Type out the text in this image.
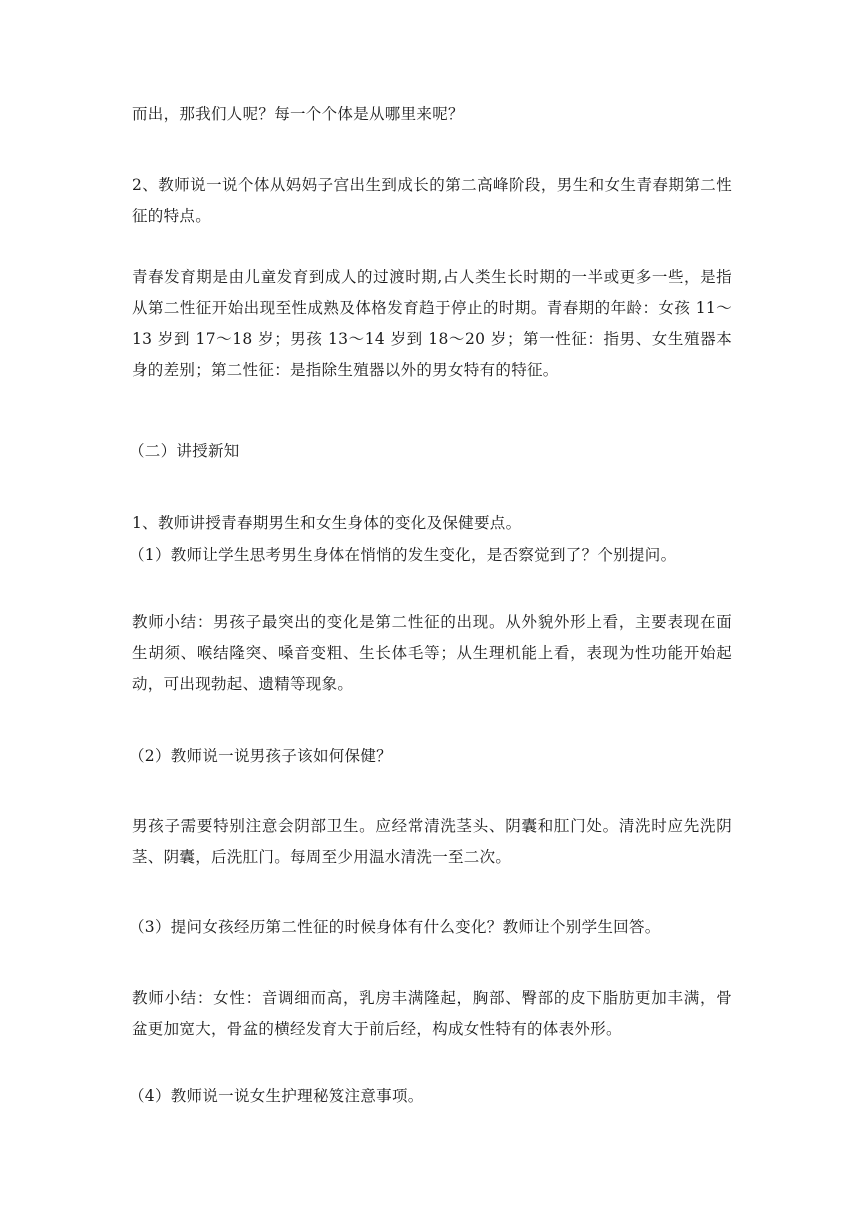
而出，那我们人呢？每一个个体是从哪里来呢？

2、教师说一说个体从妈妈子宫出生到成长的第二高峰阶段，男生和女生青春期第二性征的特点。

青春发育期是由儿童发育到成人的过渡时期,占人类生长时期的一半或更多一些，是指从第二性征开始出现至性成熟及体格发育趋于停止的时期。青春期的年龄：女孩 11～13 岁到 17～18 岁；男孩 13～14 岁到 18～20 岁；第一性征：指男、女生殖器本身的差别；第二性征：是指除生殖器以外的男女特有的特征。

（二）讲授新知

1、教师讲授青春期男生和女生身体的变化及保健要点。

（1）教师让学生思考男生身体在悄悄的发生变化，是否察觉到了？个别提问。

教师小结：男孩子最突出的变化是第二性征的出现。从外貌外形上看，主要表现在面生胡须、喉结隆突、嗓音变粗、生长体毛等；从生理机能上看，表现为性功能开始起动，可出现勃起、遗精等现象。

（2）教师说一说男孩子该如何保健？

男孩子需要特别注意会阴部卫生。应经常清洗茎头、阴囊和肛门处。清洗时应先洗阴茎、阴囊，后洗肛门。每周至少用温水清洗一至二次。

（3）提问女孩经历第二性征的时候身体有什么变化？教师让个别学生回答。

教师小结：女性：音调细而高，乳房丰满隆起，胸部、臀部的皮下脂肪更加丰满，骨盆更加宽大，骨盆的横经发育大于前后经，构成女性特有的体表外形。

（4）教师说一说女生护理秘笈注意事项。
